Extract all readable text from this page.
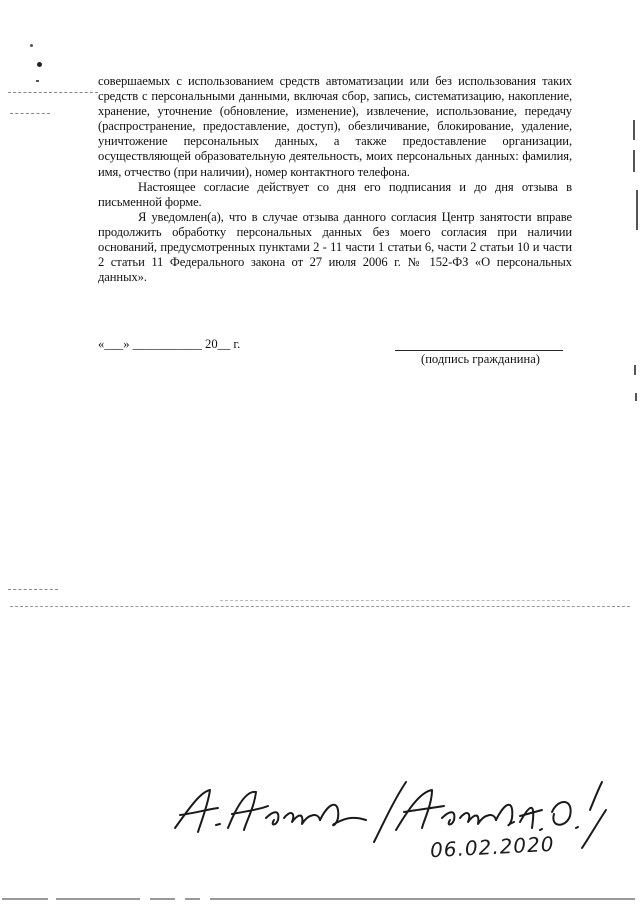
совершаемых с использованием средств автоматизации или без использования таких средств с персональными данными, включая сбор, запись, систематизацию, накопление, хранение, уточнение (обновление, изменение), извлечение, использование, передачу (распространение, предоставление, доступ), обезличивание, блокирование, удаление, уничтожение персональных данных, а также предоставление организации, осуществляющей образовательную деятельность, моих персональных данных: фамилия, имя, отчество (при наличии), номер контактного телефона.

Настоящее согласие действует со дня его подписания и до дня отзыва в письменной форме.

Я уведомлен(а), что в случае отзыва данного согласия Центр занятости вправе продолжить обработку персональных данных без моего согласия при наличии оснований, предусмотренных пунктами 2 - 11 части 1 статьи 6, части 2 статьи 10 и части 2 статьи 11 Федерального закона от 27 июля 2006 г. № 152-ФЗ «О персональных данных».

«___» ___________ 20__ г.
(подпись гражданина)
06.02.2020
